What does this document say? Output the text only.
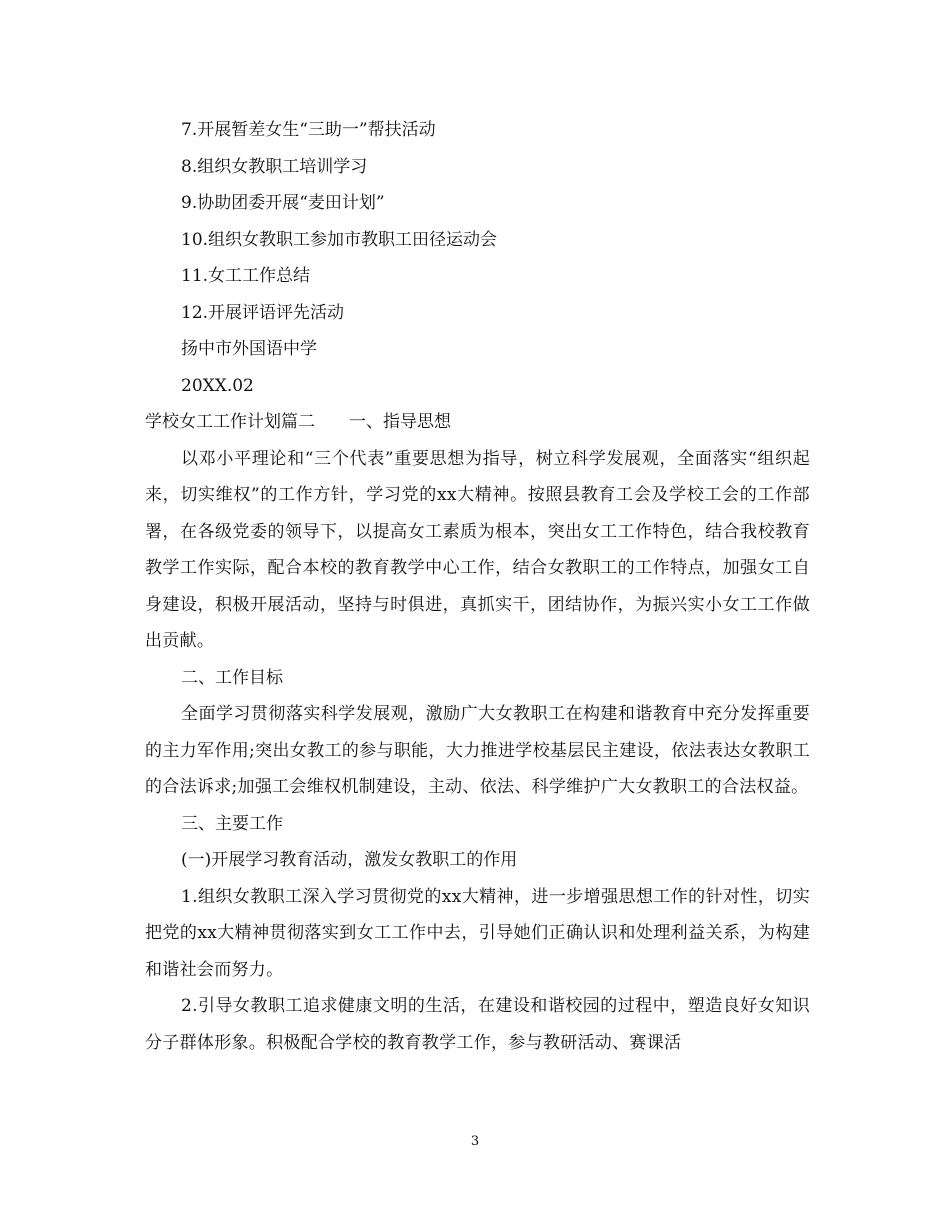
7.开展暂差女生“三助一”帮扶活动
8.组织女教职工培训学习
9.协助团委开展“麦田计划”
10.组织女教职工参加市教职工田径运动会
11.女工工作总结
12.开展评语评先活动
扬中市外国语中学
20XX.02
学校女工工作计划篇二 一、指导思想

以邓小平理论和“三个代表”重要思想为指导，树立科学发展观，全面落实“组织起来，切实维权”的工作方针，学习党的xx大精神。按照县教育工会及学校工会的工作部署，在各级党委的领导下，以提高女工素质为根本，突出女工工作特色，结合我校教育教学工作实际，配合本校的教育教学中心工作，结合女教职工的工作特点，加强女工自身建设，积极开展活动，坚持与时俱进，真抓实干，团结协作，为振兴实小女工工作做出贡献。

二、工作目标

全面学习贯彻落实科学发展观，激励广大女教职工在构建和谐教育中充分发挥重要的主力军作用;突出女教工的参与职能，大力推进学校基层民主建设，依法表达女教职工的合法诉求;加强工会维权机制建设，主动、依法、科学维护广大女教职工的合法权益。

三、主要工作
(一)开展学习教育活动，激发女教职工的作用

1.组织女教职工深入学习贯彻党的xx大精神，进一步增强思想工作的针对性，切实把党的xx大精神贯彻落实到女工工作中去，引导她们正确认识和处理利益关系，为构建和谐社会而努力。

2.引导女教职工追求健康文明的生活，在建设和谐校园的过程中，塑造良好女知识分子群体形象。积极配合学校的教育教学工作，参与教研活动、赛课活

3
